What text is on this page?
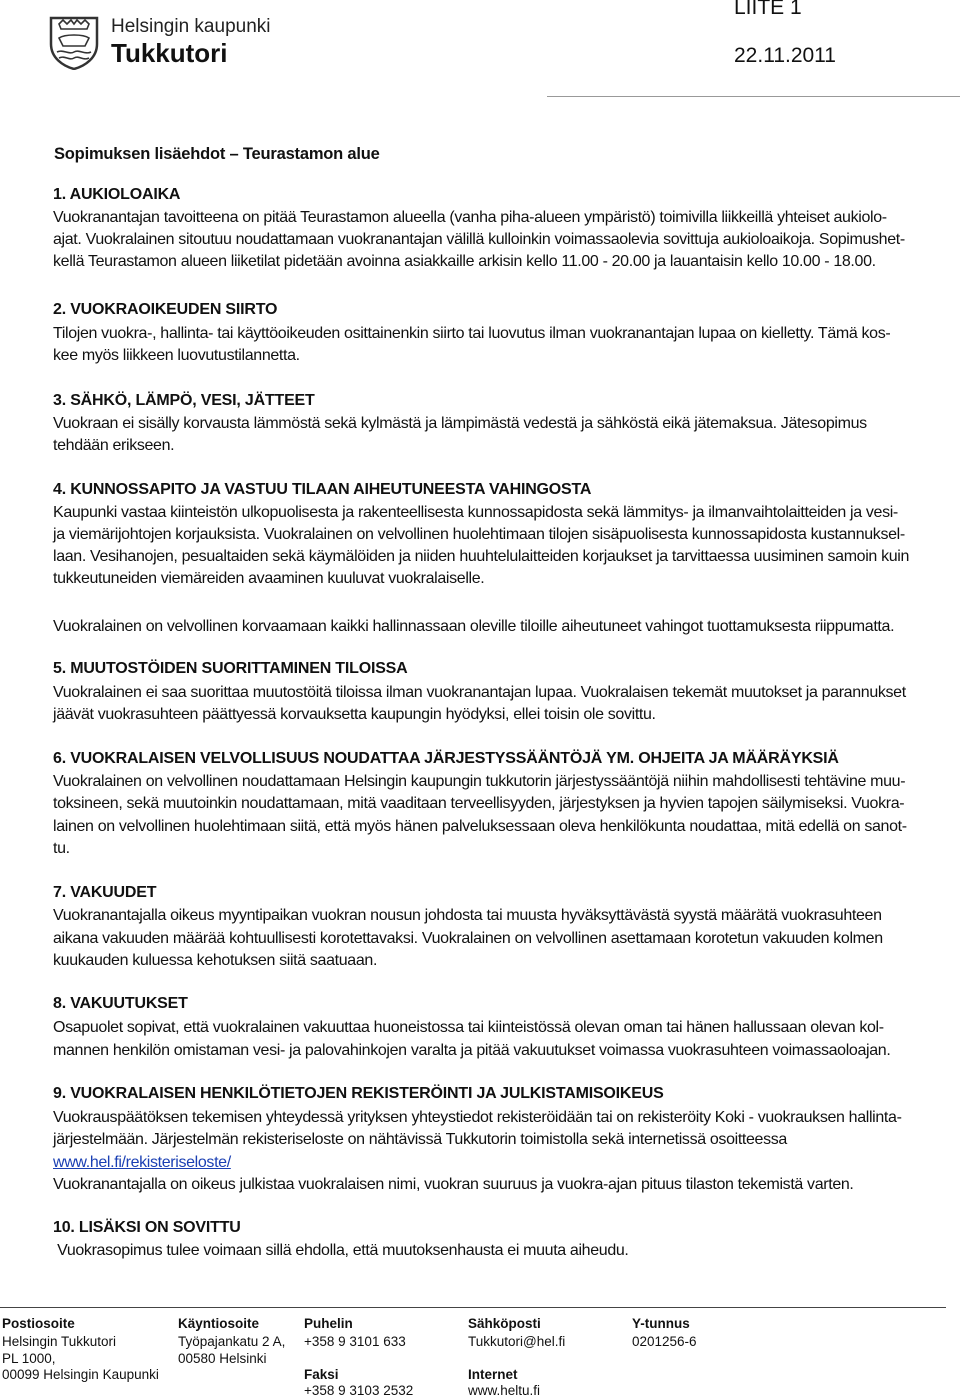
Helsingin kaupunki
Tukkutori
LIITE 1
22.11.2011
Sopimuksen lisäehdot – Teurastamon alue
1. AUKIOLOAIKA
Vuokranantajan tavoitteena on pitää Teurastamon alueella (vanha piha-alueen ympäristö) toimivilla liikkeillä yhteiset aukiolo-
ajat. Vuokralainen sitoutuu noudattamaan vuokranantajan välillä kulloinkin voimassaolevia sovittuja aukioloaikoja. Sopimushet-
kellä Teurastamon alueen liiketilat pidetään avoinna asiakkaille arkisin kello 11.00 - 20.00 ja lauantaisin kello 10.00 - 18.00.
2. VUOKRAOIKEUDEN SIIRTO
Tilojen vuokra-, hallinta- tai käyttöoikeuden osittainenkin siirto tai luovutus ilman vuokranantajan lupaa on kielletty. Tämä kos-
kee myös liikkeen luovutustilannetta.
3. SÄHKÖ, LÄMPÖ, VESI, JÄTTEET
Vuokraan ei sisälly korvausta lämmöstä sekä kylmästä ja lämpimästä vedestä ja sähköstä eikä jätemaksua. Jätesopimus
tehdään erikseen.
4. KUNNOSSAPITO JA VASTUU TILAAN AIHEUTUNEESTA VAHINGOSTA
Kaupunki vastaa kiinteistön ulkopuolisesta ja rakenteellisesta kunnossapidosta sekä lämmitys- ja ilmanvaihtolaitteiden ja vesi-
ja viemärijohtojen korjauksista. Vuokralainen on velvollinen huolehtimaan tilojen sisäpuolisesta kunnossapidosta kustannuksel-
laan. Vesihanojen, pesualtaiden sekä käymälöiden ja niiden huuhtelulaitteiden korjaukset ja tarvittaessa uusiminen samoin kuin
tukkeutuneiden viemäreiden avaaminen kuuluvat vuokralaiselle.
Vuokralainen on velvollinen korvaamaan kaikki hallinnassaan oleville tiloille aiheutuneet vahingot tuottamuksesta riippumatta.
5. MUUTOSTÖIDEN SUORITTAMINEN TILOISSA
Vuokralainen ei saa suorittaa muutostöitä tiloissa ilman vuokranantajan lupaa. Vuokralaisen tekemät muutokset ja parannukset
jäävät vuokrasuhteen päättyessä korvauksetta kaupungin hyödyksi, ellei toisin ole sovittu.
6. VUOKRALAISEN VELVOLLISUUS NOUDATTAA JÄRJESTYSSÄÄNTÖJÄ YM. OHJEITA JA MÄÄRÄYKSIÄ
Vuokralainen on velvollinen noudattamaan Helsingin kaupungin tukkutorin järjestyssääntöjä niihin mahdollisesti tehtävine muu-
toksineen, sekä muutoinkin noudattamaan, mitä vaaditaan terveellisyyden, järjestyksen ja hyvien tapojen säilymiseksi. Vuokra-
lainen on velvollinen huolehtimaan siitä, että myös hänen palveluksessaan oleva henkilökunta noudattaa, mitä edellä on sanot-
tu.
7. VAKUUDET
Vuokranantajalla oikeus myyntipaikan vuokran nousun johdosta tai muusta hyväksyttävästä syystä määrätä vuokrasuhteen
aikana vakuuden määrää kohtuullisesti korotettavaksi. Vuokralainen on velvollinen asettamaan korotetun vakuuden kolmen
kuukauden kuluessa kehotuksen siitä saatuaan.
8. VAKUUTUKSET
Osapuolet sopivat, että vuokralainen vakuuttaa huoneistossa tai kiinteistössä olevan oman tai hänen hallussaan olevan kol-
mannen henkilön omistaman vesi- ja palovahinkojen varalta ja pitää vakuutukset voimassa vuokrasuhteen voimassaoloajan.
9. VUOKRALAISEN HENKILÖTIETOJEN REKISTERÖINTI JA JULKISTAMISOIKEUS
Vuokrauspäätöksen tekemisen yhteydessä yrityksen yhteystiedot rekisteröidään tai on rekisteröity Koki - vuokrauksen hallinta-
järjestelmään. Järjestelmän rekisteriseloste on nähtävissä Tukkutorin toimistolla sekä internetissä osoitteessa
www.hel.fi/rekisteriseloste/
Vuokranantajalla on oikeus julkistaa vuokralaisen nimi, vuokran suuruus ja vuokra-ajan pituus tilaston tekemistä varten.
10. LISÄKSI ON SOVITTU
Vuokrasopimus tulee voimaan sillä ehdolla, että muutoksenhausta ei muuta aiheudu.
Postiosoite
Helsingin Tukkutori
PL 1000,
00099 Helsingin Kaupunki
Käyntiosoite
Työpajankatu 2 A,
00580 Helsinki
Puhelin
+358 9 3101 633
Faksi
+358 9 3103 2532
Sähköposti
Tukkutori@hel.fi
Internet
www.heltu.fi
Y-tunnus
0201256-6
